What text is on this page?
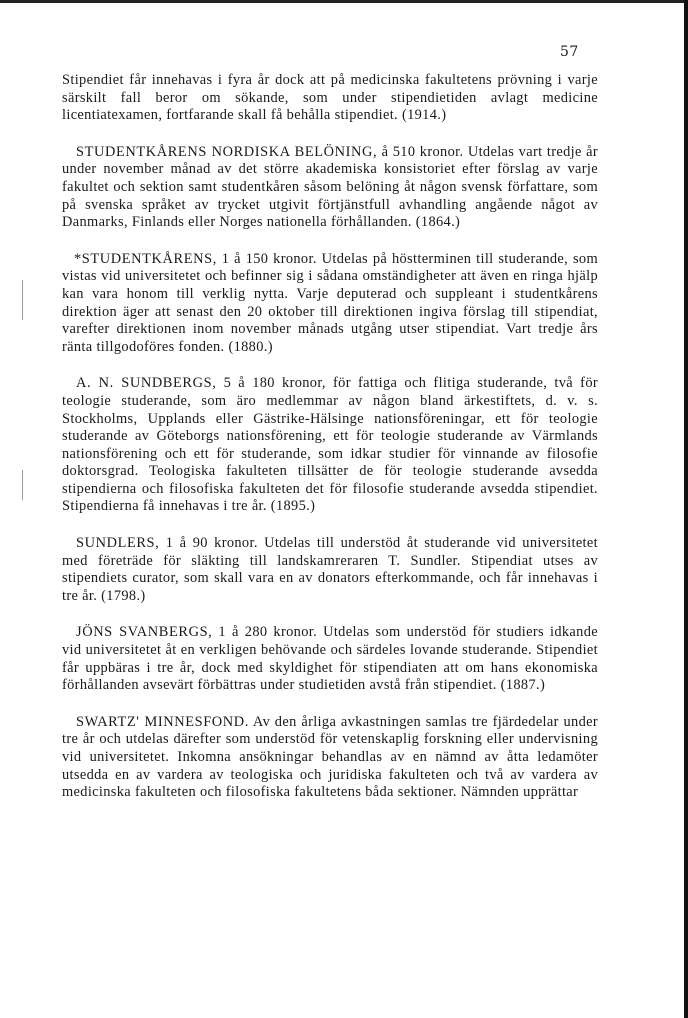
57

Stipendiet får innehavas i fyra år dock att på medicinska fakultetens prövning i varje särskilt fall beror om sökande, som under stipendietiden avlagt medicine licentiatexamen, fortfarande skall få behålla stipendiet. (1914.)

STUDENTKÅRENS NORDISKA BELÖNING, å 510 kronor. Utdelas vart tredje år under november månad av det större akademiska konsistoriet efter förslag av varje fakultet och sektion samt studentkåren såsom belöning åt någon svensk författare, som på svenska språket av trycket utgivit förtjänstfull avhandling angående något av Danmarks, Finlands eller Norges nationella förhållanden. (1864.)

*STUDENTKÅRENS, 1 å 150 kronor. Utdelas på höstterminen till studerande, som vistas vid universitetet och befinner sig i sådana omständigheter att även en ringa hjälp kan vara honom till verklig nytta. Varje deputerad och suppleant i studentkårens direktion äger att senast den 20 oktober till direktionen ingiva förslag till stipendiat, varefter direktionen inom november månads utgång utser stipendiat. Vart tredje års ränta tillgodoföres fonden. (1880.)

A. N. SUNDBERGS, 5 å 180 kronor, för fattiga och flitiga studerande, två för teologie studerande, som äro medlemmar av någon bland ärkestiftets, d. v. s. Stockholms, Upplands eller Gästrike-Hälsinge nationsföreningar, ett för teologie studerande av Göteborgs nationsförening, ett för teologie studerande av Värmlands nationsförening och ett för studerande, som idkar studier för vinnande av filosofie doktorsgrad. Teologiska fakulteten tillsätter de för teologie studerande avsedda stipendierna och filosofiska fakulteten det för filosofie studerande avsedda stipendiet. Stipendierna få innehavas i tre år. (1895.)

SUNDLERS, 1 å 90 kronor. Utdelas till understöd åt studerande vid universitetet med företräde för släkting till landskamreraren T. Sundler. Stipendiat utses av stipendiets curator, som skall vara en av donators efterkommande, och får innehavas i tre år. (1798.)

JÖNS SVANBERGS, 1 å 280 kronor. Utdelas som understöd för studiers idkande vid universitetet åt en verkligen behövande och särdeles lovande studerande. Stipendiet får uppbäras i tre år, dock med skyldighet för stipendiaten att om hans ekonomiska förhållanden avsevärt förbättras under studietiden avstå från stipendiet. (1887.)

SWARTZ' MINNESFOND. Av den årliga avkastningen samlas tre fjärdedelar under tre år och utdelas därefter som understöd för vetenskaplig forskning eller undervisning vid universitetet. Inkomna ansökningar behandlas av en nämnd av åtta ledamöter utsedda en av vardera av teologiska och juridiska fakulteten och två av vardera av medicinska fakulteten och filosofiska fakultetens båda sektioner. Nämnden upprättar
